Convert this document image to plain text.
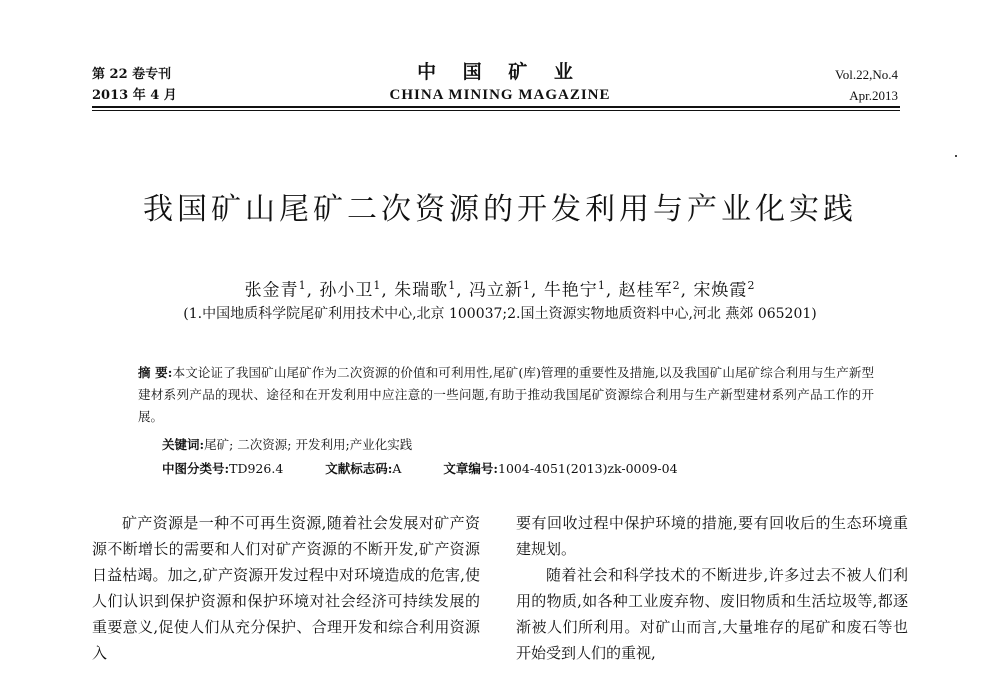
第 22 卷专刊
2013 年 4 月
中 国 矿 业
CHINA MINING MAGAZINE
Vol.22,No.4
Apr.2013
我国矿山尾矿二次资源的开发利用与产业化实践
张金青$^1$, 孙小卫$^1$, 朱瑞歌$^1$, 冯立新$^1$, 牛艳宁$^1$, 赵桂军$^2$, 宋焕霞$^2$
(1.中国地质科学院尾矿利用技术中心,北京 100037;2.国土资源实物地质资料中心,河北 燕郊 065201)
摘 要:本文论证了我国矿山尾矿作为二次资源的价值和可利用性,尾矿(库)管理的重要性及措施,以及我国矿山尾矿综合利用与生产新型建材系列产品的现状、途径和在开发利用中应注意的一些问题,有助于推动我国尾矿资源综合利用与生产新型建材系列产品工作的开展。
关键词:尾矿; 二次资源; 开发利用;产业化实践
中图分类号:TD926.4	文献标志码:A	文章编号:1004-4051(2013)zk-0009-04

矿产资源是一种不可再生资源,随着社会发展对矿产资源不断增长的需要和人们对矿产资源的不断开发,矿产资源日益枯竭。加之,矿产资源开发过程中对环境造成的危害,使人们认识到保护资源和保护环境对社会经济可持续发展的重要意义,促使人们从充分保护、合理开发和综合利用资源入

要有回收过程中保护环境的措施,要有回收后的生态环境重建规划。

随着社会和科学技术的不断进步,许多过去不被人们利用的物质,如各种工业废弃物、废旧物质和生活垃圾等,都逐渐被人们所利用。对矿山而言,大量堆存的尾矿和废石等也开始受到人们的重视,
